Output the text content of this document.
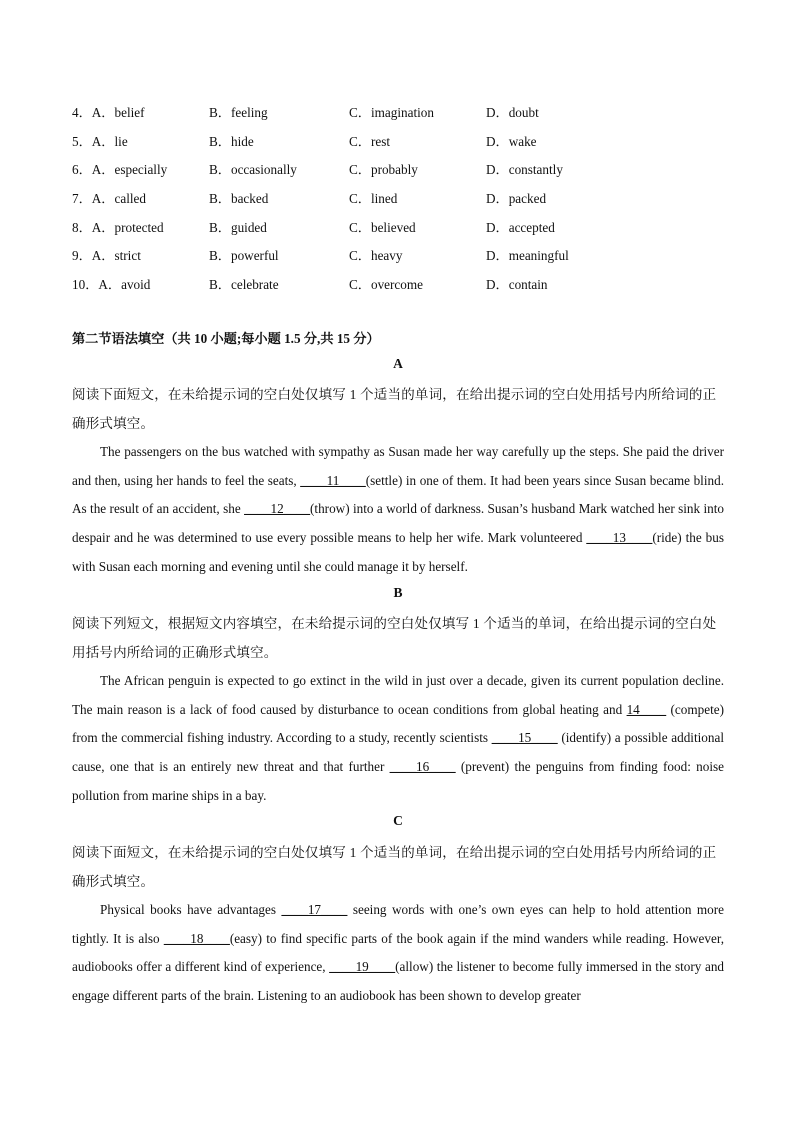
4．A．belief	B．feeling	C．imagination	D．doubt
5．A．lie	B．hide	C．rest	D．wake
6．A．especially	B．occasionally	C．probably	D．constantly
7．A．called	B．backed	C．lined	D．packed
8．A．protected	B．guided	C．believed	D．accepted
9．A．strict	B．powerful	C．heavy	D．meaningful
10．A．avoid	B．celebrate	C．overcome	D．contain
第二节语法填空（共 10 小题;每小题 1.5 分,共 15 分）
A
阅读下面短文，在未给提示词的空白处仅填写 1 个适当的单词，在给出提示词的空白处用括号内所给词的正确形式填空。
The passengers on the bus watched with sympathy as Susan made her way carefully up the steps. She paid the driver and then, using her hands to feel the seats, ____11____(settle) in one of them. It had been years since Susan became blind. As the result of an accident, she ____12____(throw) into a world of darkness. Susan’s husband Mark watched her sink into despair and he was determined to use every possible means to help her wife. Mark volunteered ____13____(ride) the bus with Susan each morning and evening until she could manage it by herself.
B
阅读下列短文，根据短文内容填空，在未给提示词的空白处仅填写 1 个适当的单词，在给出提示词的空白处用括号内所给词的正确形式填空。
The African penguin is expected to go extinct in the wild in just over a decade, given its current population decline. The main reason is a lack of food caused by disturbance to ocean conditions from global heating and 14____ (compete) from the commercial fishing industry. According to a study, recently scientists ____15____ (identify) a possible additional cause, one that is an entirely new threat and that further ____16____ (prevent) the penguins from finding food: noise pollution from marine ships in a bay.
C
阅读下面短文，在未给提示词的空白处仅填写 1 个适当的单词，在给出提示词的空白处用括号内所给词的正确形式填空。
Physical books have advantages ____17____ seeing words with one’s own eyes can help to hold attention more tightly. It is also ____18____(easy) to find specific parts of the book again if the mind wanders while reading. However, audiobooks offer a different kind of experience, ____19____(allow) the listener to become fully immersed in the story and engage different parts of the brain. Listening to an audiobook has been shown to develop greater
